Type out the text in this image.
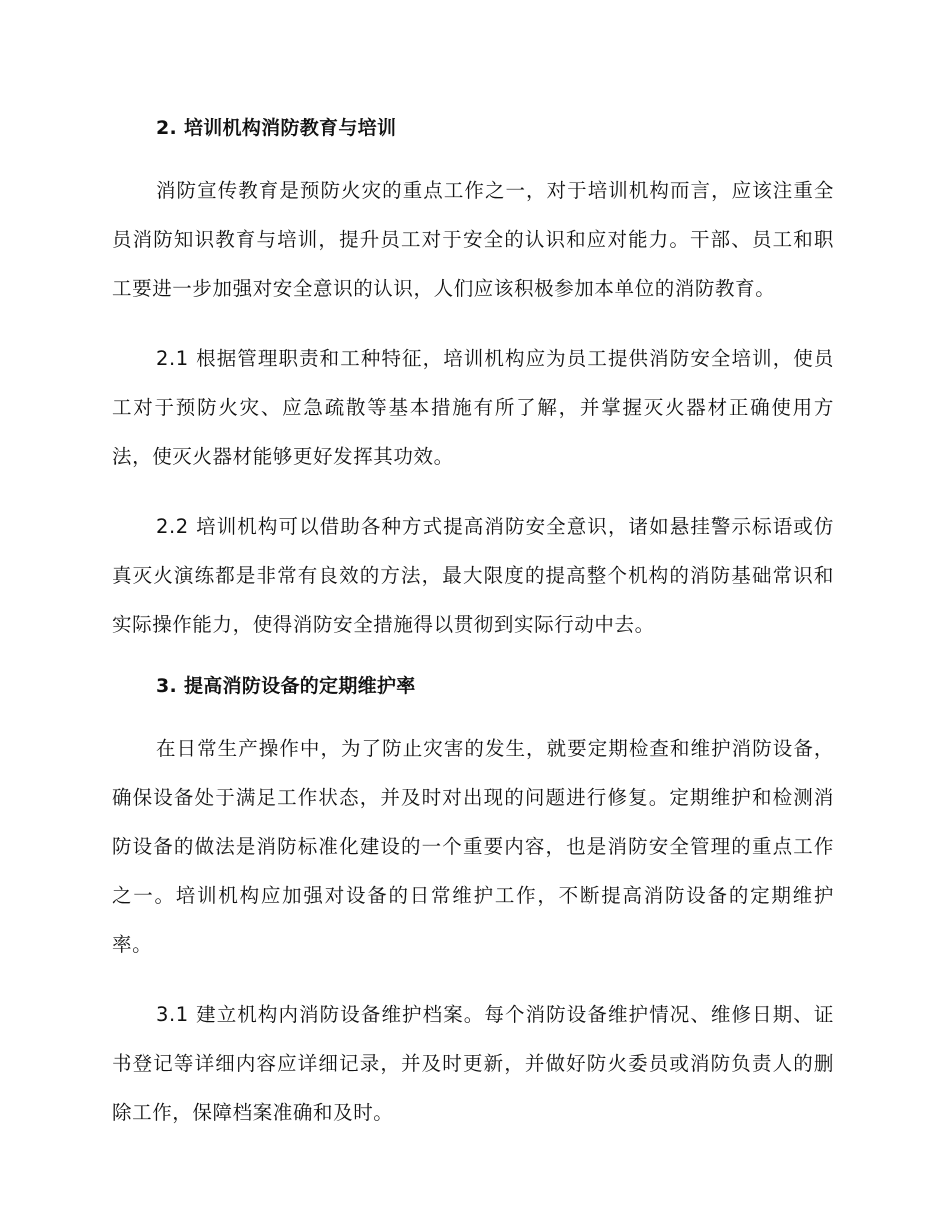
2. 培训机构消防教育与培训

消防宣传教育是预防火灾的重点工作之一，对于培训机构而言，应该注重全员消防知识教育与培训，提升员工对于安全的认识和应对能力。干部、员工和职工要进一步加强对安全意识的认识，人们应该积极参加本单位的消防教育。

2.1 根据管理职责和工种特征，培训机构应为员工提供消防安全培训，使员工对于预防火灾、应急疏散等基本措施有所了解，并掌握灭火器材正确使用方法，使灭火器材能够更好发挥其功效。

2.2 培训机构可以借助各种方式提高消防安全意识，诸如悬挂警示标语或仿真灭火演练都是非常有良效的方法，最大限度的提高整个机构的消防基础常识和实际操作能力，使得消防安全措施得以贯彻到实际行动中去。

3. 提高消防设备的定期维护率

在日常生产操作中，为了防止灾害的发生，就要定期检查和维护消防设备，确保设备处于满足工作状态，并及时对出现的问题进行修复。定期维护和检测消防设备的做法是消防标准化建设的一个重要内容，也是消防安全管理的重点工作之一。培训机构应加强对设备的日常维护工作，不断提高消防设备的定期维护率。

3.1 建立机构内消防设备维护档案。每个消防设备维护情况、维修日期、证书登记等详细内容应详细记录，并及时更新，并做好防火委员或消防负责人的删除工作，保障档案准确和及时。
